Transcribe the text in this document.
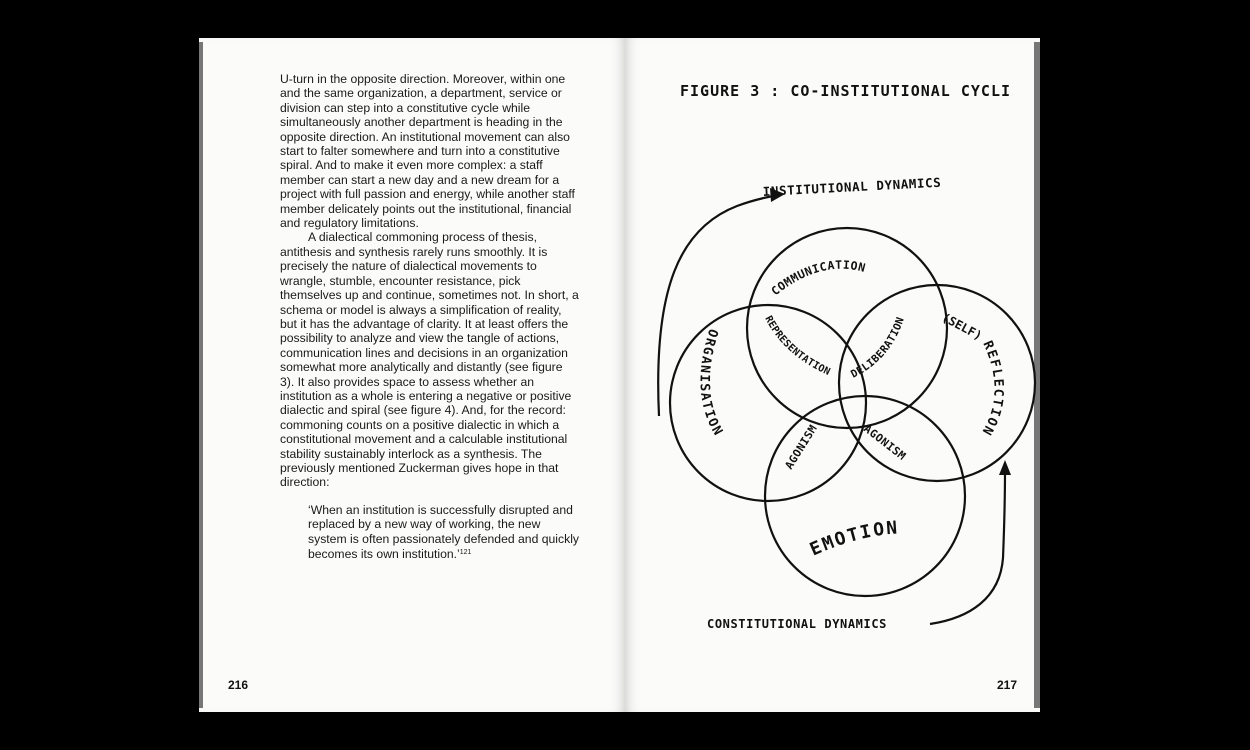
U-turn in the opposite direction. Moreover, within one and the same organization, a department, service or division can step into a constitutive cycle while simultaneously another department is heading in the opposite direction. An institutional movement can also start to falter somewhere and turn into a constitutive spiral. And to make it even more complex: a staff member can start a new day and a new dream for a project with full passion and energy, while another staff member delicately points out the institutional, financial and regulatory limitations.

A dialectical commoning process of thesis, antithesis and synthesis rarely runs smoothly. It is precisely the nature of dialectical movements to wrangle, stumble, encounter resistance, pick themselves up and continue, sometimes not. In short, a schema or model is always a simplification of reality, but it has the advantage of clarity. It at least offers the possibility to analyze and view the tangle of actions, communication lines and decisions in an organization somewhat more analytically and distantly (see figure 3). It also provides space to assess whether an institution as a whole is entering a negative or positive dialectic and spiral (see figure 4). And, for the record: commoning counts on a positive dialectic in which a constitutional movement and a calculable institutional stability sustainably interlock as a synthesis. The previously mentioned Zuckerman gives hope in that direction:

‘When an institution is successfully disrupted and replaced by a new way of working, the new system is often passionately defended and quickly becomes its own institution.’$^{121}$

216
FIGURE 3 : CO-INSTITUTIONAL CYCLI
INSTITUTIONAL DYNAMICS
CONSTITUTIONAL DYNAMICS
COMMUNICATION
REFLECTION
ORGANISATION
REPRESENTATION DELIBERATION
EMOTION
(SELF)
AGONISM	AGONISM
217
